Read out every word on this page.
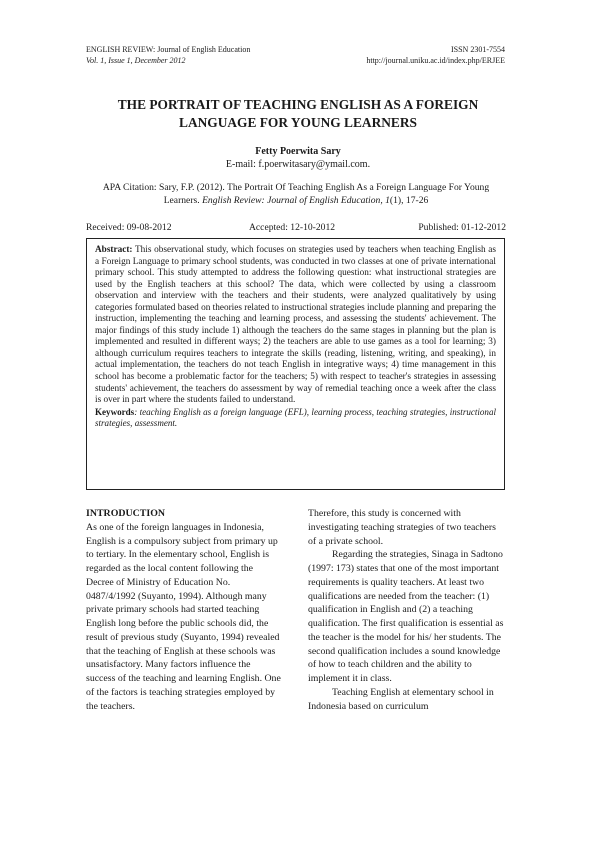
ENGLISH REVIEW: Journal of English Education
Vol. 1, Issue 1, December 2012
ISSN 2301-7554
http://journal.uniku.ac.id/index.php/ERJEE
THE PORTRAIT OF TEACHING ENGLISH AS A FOREIGN LANGUAGE FOR YOUNG LEARNERS
Fetty Poerwita Sary
E-mail: f.poerwitasary@ymail.com.
APA Citation: Sary, F.P. (2012). The Portrait Of Teaching English As a Foreign Language For Young Learners. English Review: Journal of English Education, 1(1), 17-26
Received: 09-08-2012	Accepted: 12-10-2012	Published: 01-12-2012

Abstract: This observational study, which focuses on strategies used by teachers when teaching English as a Foreign Language to primary school students, was conducted in two classes at one of private international primary school. This study attempted to address the following question: what instructional strategies are used by the English teachers at this school? The data, which were collected by using a classroom observation and interview with the teachers and their students, were analyzed qualitatively by using categories formulated based on theories related to instructional strategies include planning and preparing the instruction, implementing the teaching and learning process, and assessing the students' achievement. The major findings of this study include 1) although the teachers do the same stages in planning but the plan is implemented and resulted in different ways; 2) the teachers are able to use games as a tool for learning; 3) although curriculum requires teachers to integrate the skills (reading, listening, writing, and speaking), in actual implementation, the teachers do not teach English in integrative ways; 4) time management in this school has become a problematic factor for the teachers; 5) with respect to teacher's strategies in assessing students' achievement, the teachers do assessment by way of remedial teaching once a week after the class is over in part where the students failed to understand.

Keywords: teaching English as a foreign language (EFL), learning process, teaching strategies, instructional strategies, assessment.

INTRODUCTION

As one of the foreign languages in Indonesia, English is a compulsory subject from primary up to tertiary. In the elementary school, English is regarded as the local content following the Decree of Ministry of Education No. 0487/4/1992 (Suyanto, 1994). Although many private primary schools had started teaching English long before the public schools did, the result of previous study (Suyanto, 1994) revealed that the teaching of English at these schools was unsatisfactory. Many factors influence the success of the teaching and learning English. One of the factors is teaching strategies employed by the teachers.

Therefore, this study is concerned with investigating teaching strategies of two teachers of a private school.

Regarding the strategies, Sinaga in Sadtono (1997: 173) states that one of the most important requirements is quality teachers. At least two qualifications are needed from the teacher: (1) qualification in English and (2) a teaching qualification. The first qualification is essential as the teacher is the model for his/ her students. The second qualification includes a sound knowledge of how to teach children and the ability to implement it in class.

Teaching English at elementary school in Indonesia based on curriculum
